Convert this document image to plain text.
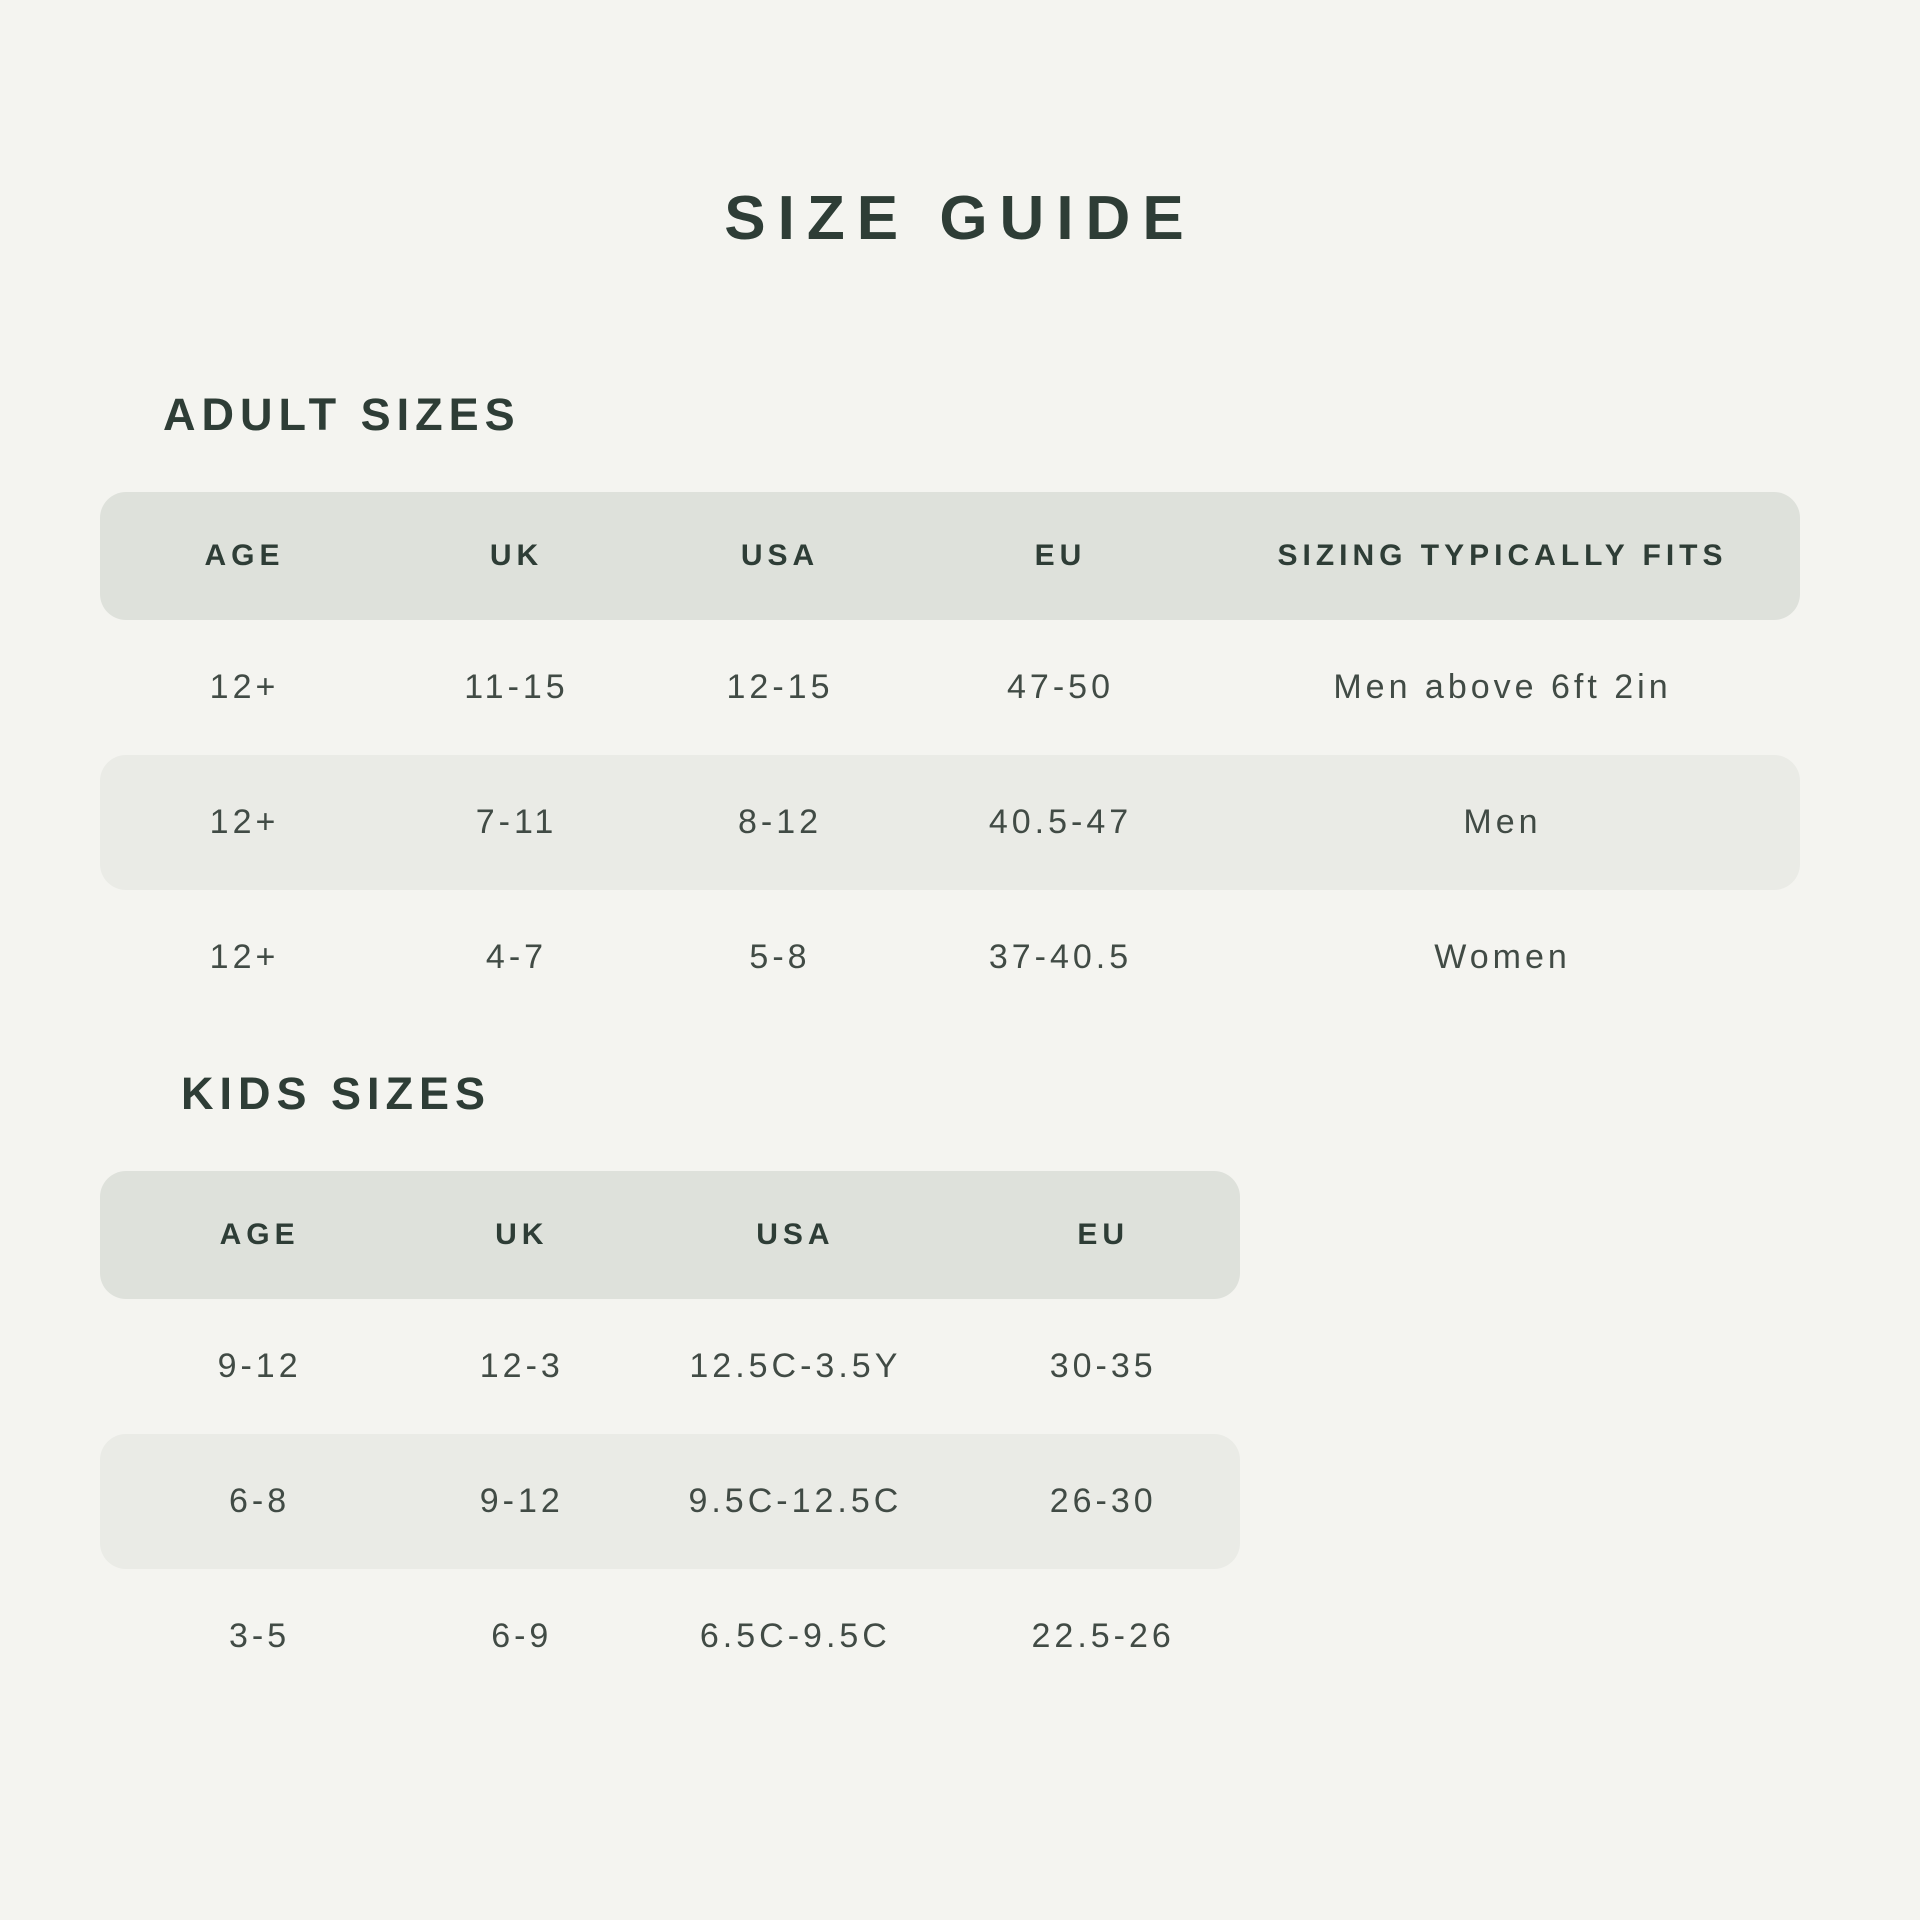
SIZE GUIDE
ADULT SIZES
AGE	UK	USA	EU	SIZING TYPICALLY FITS
12+	11-15	12-15	47-50	Men above 6ft 2in
12+	7-11	8-12	40.5-47	Men
12+	4-7	5-8	37-40.5	Women
KIDS SIZES
AGE	UK	USA	EU
9-12	12-3	12.5C-3.5Y	30-35
6-8	9-12	9.5C-12.5C	26-30
3-5	6-9	6.5C-9.5C	22.5-26
